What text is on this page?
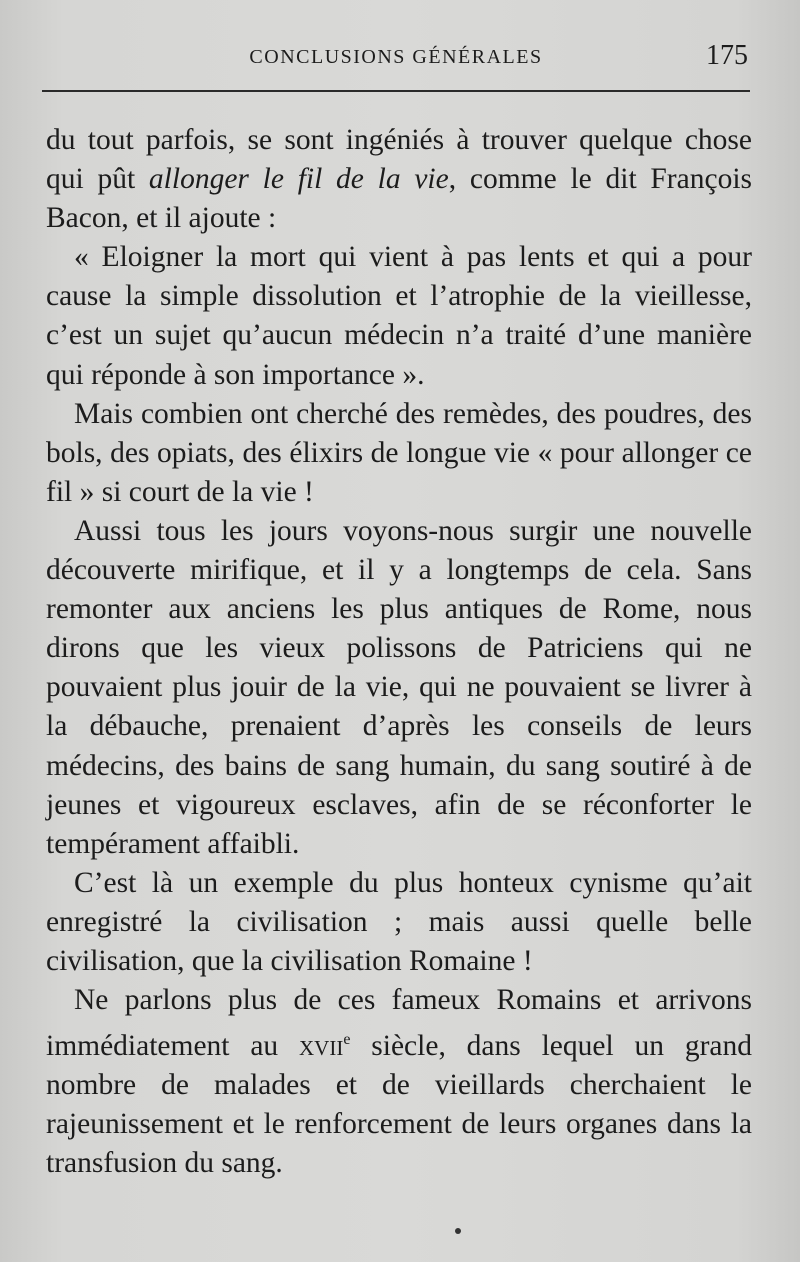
CONCLUSIONS GÉNÉRALES	175

du tout parfois, se sont ingéniés à trouver quelque chose qui pût allonger le fil de la vie, comme le dit François Bacon, et il ajoute :

« Eloigner la mort qui vient à pas lents et qui a pour cause la simple dissolution et l’atrophie de la vieillesse, c’est un sujet qu’aucun médecin n’a traité d’une manière qui réponde à son importance ».

Mais combien ont cherché des remèdes, des poudres, des bols, des opiats, des élixirs de longue vie « pour allonger ce fil » si court de la vie !

Aussi tous les jours voyons-nous surgir une nouvelle découverte mirifique, et il y a longtemps de cela. Sans remonter aux anciens les plus antiques de Rome, nous dirons que les vieux polissons de Patriciens qui ne pouvaient plus jouir de la vie, qui ne pouvaient se livrer à la débauche, prenaient d’après les conseils de leurs médecins, des bains de sang humain, du sang soutiré à de jeunes et vigoureux esclaves, afin de se réconforter le tempérament affaibli.

C’est là un exemple du plus honteux cynisme qu’ait enregistré la civilisation ; mais aussi quelle belle civilisation, que la civilisation Romaine !

Ne parlons plus de ces fameux Romains et arrivons immédiatement au xvii$^e$ siècle, dans lequel un grand nombre de malades et de vieillards cherchaient le rajeunissement et le renforcement de leurs organes dans la transfusion du sang.
